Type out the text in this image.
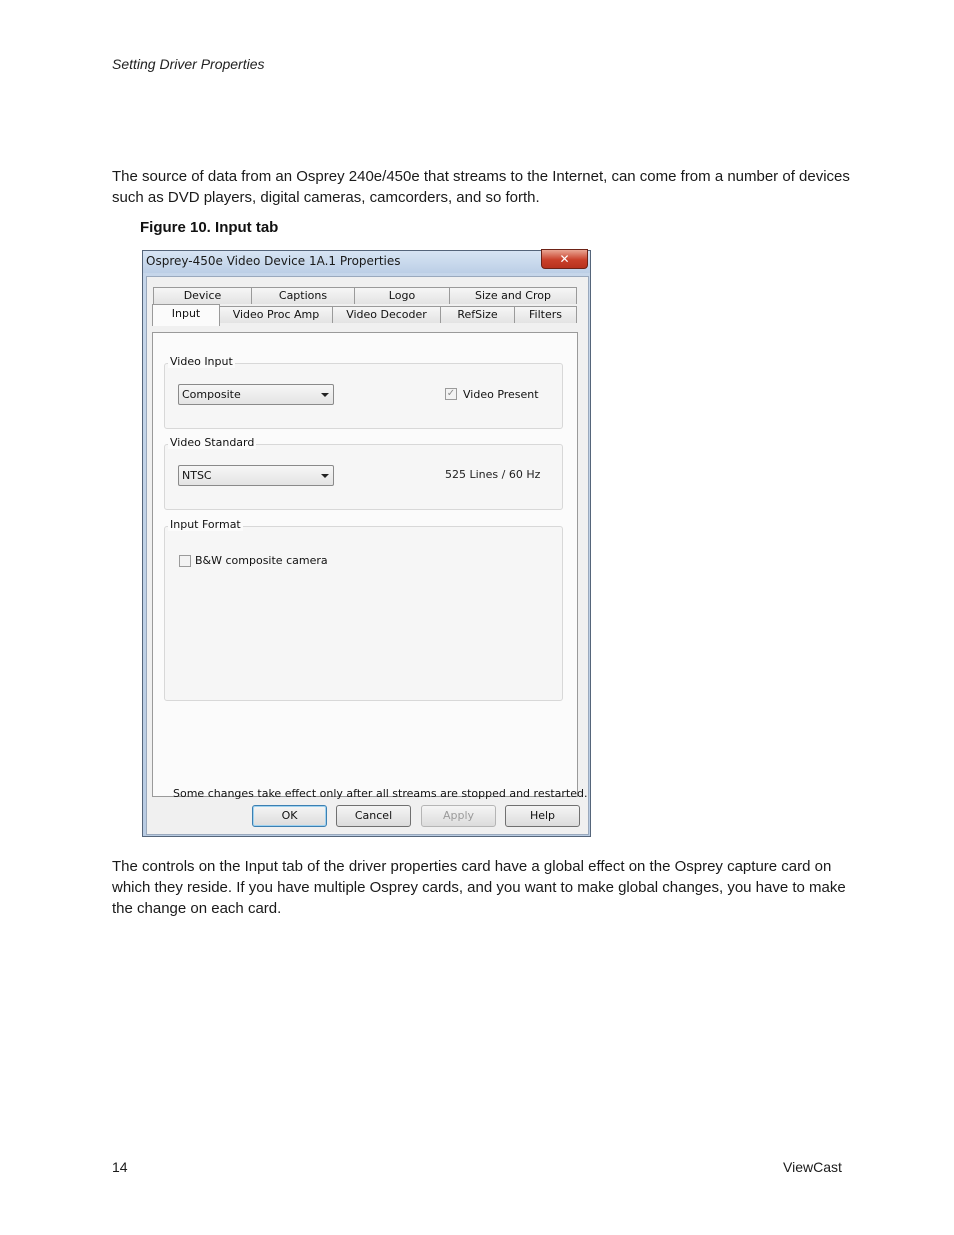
Setting Driver Properties

The source of data from an Osprey 240e/450e that streams to the Internet, can come from a number of devices such as DVD players, digital cameras, camcorders, and so forth.

Figure 10. Input tab
Osprey-450e Video Device 1A.1 Properties	✕
Device	Captions	Logo	Size and Crop
Input	Video Proc Amp	Video Decoder	RefSize	Filters
Video Input
Composite	✓ Video Present
Video Standard
NTSC	525 Lines / 60 Hz
Input Format
B&W composite camera
Some changes take effect only after all streams are stopped and restarted.
OK	Cancel	Apply	Help

The controls on the Input tab of the driver properties card have a global effect on the Osprey capture card on which they reside. If you have multiple Osprey cards, and you want to make global changes, you have to make the change on each card.

14	ViewCast
